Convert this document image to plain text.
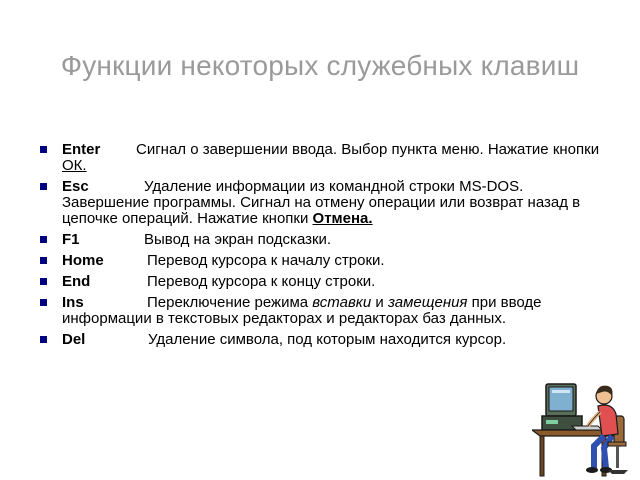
Функции некоторых служебных клавиш
Enter Сигнал о завершении ввода. Выбор пункта меню. Нажатие кнопки ОК.
Esc	Удаление информации из командной строки MS-DOS. Завершение программы. Сигнал на отмену операции или возврат назад в цепочке операций. Нажатие кнопки Отмена.
F1	Вывод на экран подсказки.
Home	Перевод курсора к началу строки.
End	Перевод курсора к концу строки.
Ins	Переключение режима вставки и замещения при вводе информации в текстовых редакторах и редакторах баз данных.
Del	Удаление символа, под которым находится курсор.
